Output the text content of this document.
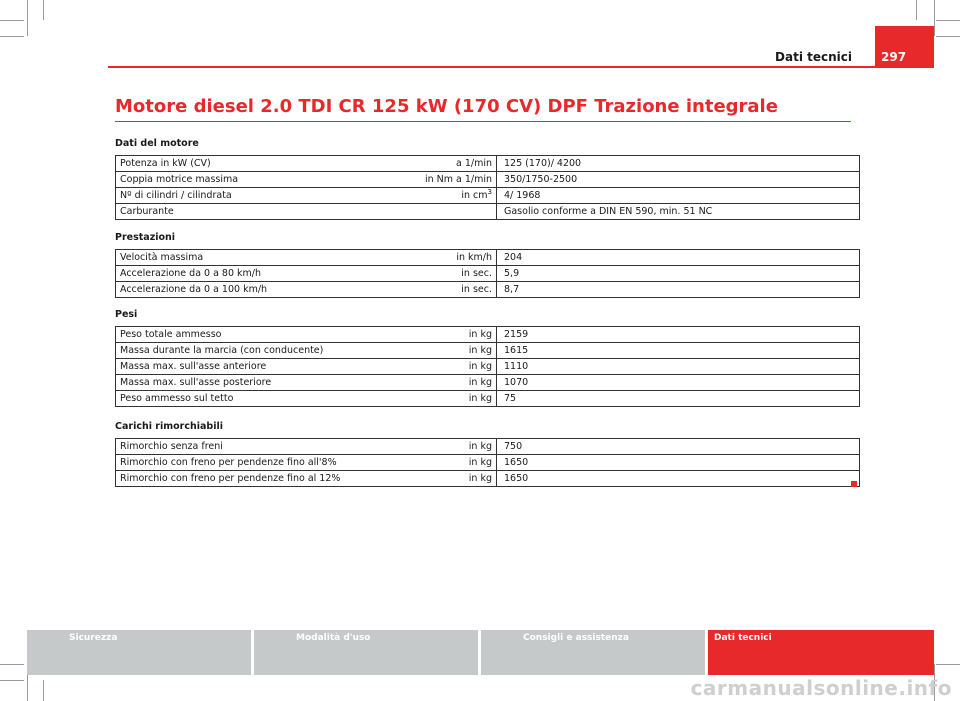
Dati tecnici 297
Motore diesel 2.0 TDI CR 125 kW (170 CV) DPF Trazione integrale
Dati del motore
Potenza in kW (CV)	a 1/min	125 (170)/ 4200
Coppia motrice massima	in Nm a 1/min	350/1750-2500
Nº di cilindri / cilindrata	in $cm^3$	4/ 1968
Carburante		Gasolio conforme a DIN EN 590, min. 51 NC
Prestazioni
Velocità massima	in km/h	204
Accelerazione da 0 a 80 km/h	in sec.	5,9
Accelerazione da 0 a 100 km/h	in sec.	8,7
Pesi
Peso totale ammesso	in kg	2159
Massa durante la marcia (con conducente)	in kg	1615
Massa max. sull'asse anteriore	in kg	1110
Massa max. sull'asse posteriore	in kg	1070
Peso ammesso sul tetto	in kg	75
Carichi rimorchiabili
Rimorchio senza freni	in kg	750
Rimorchio con freno per pendenze fino all'8%	in kg	1650
Rimorchio con freno per pendenze fino al 12%	in kg	1650
Sicurezza	Modalità d'uso	Consigli e assistenza	Dati tecnici
carmanualsonline.info
